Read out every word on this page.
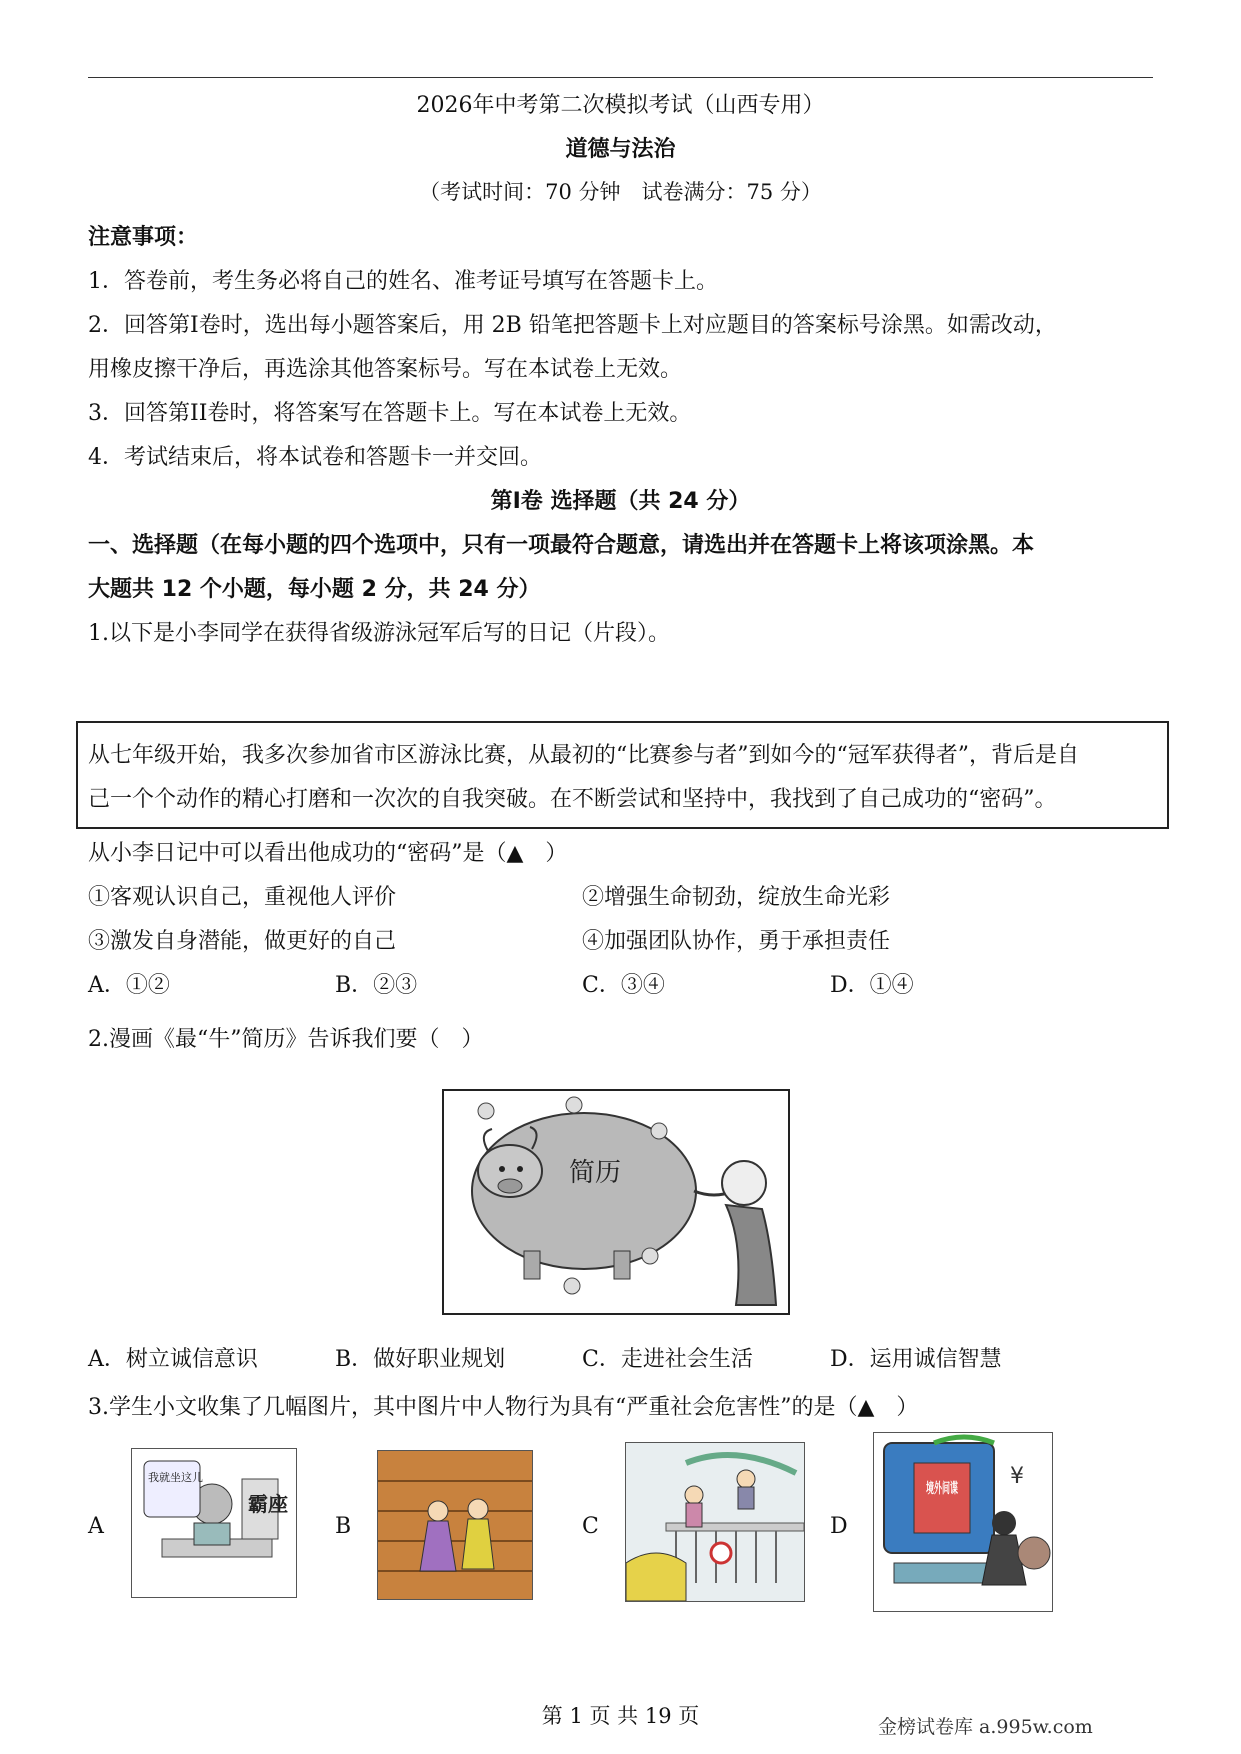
2026年中考第二次模拟考试（山西专用）
道德与法治
（考试时间：70 分钟　试卷满分：75 分）
注意事项：
1．答卷前，考生务必将自己的姓名、准考证号填写在答题卡上。
2．回答第I卷时，选出每小题答案后，用 2B 铅笔把答题卡上对应题目的答案标号涂黑。如需改动，
用橡皮擦干净后，再选涂其他答案标号。写在本试卷上无效。
3．回答第II卷时，将答案写在答题卡上。写在本试卷上无效。
4．考试结束后，将本试卷和答题卡一并交回。
第I卷 选择题（共 24 分）
一、选择题（在每小题的四个选项中，只有一项最符合题意，请选出并在答题卡上将该项涂黑。本
大题共 12 个小题，每小题 2 分，共 24 分）
1.以下是小李同学在获得省级游泳冠军后写的日记（片段）。
从七年级开始，我多次参加省市区游泳比赛，从最初的“比赛参与者”到如今的“冠军获得者”，背后是自
己一个个动作的精心打磨和一次次的自我突破。在不断尝试和坚持中，我找到了自己成功的“密码”。
从小李日记中可以看出他成功的“密码”是（▲　）
①客观认识自己，重视他人评价	②增强生命韧劲，绽放生命光彩
③激发自身潜能，做更好的自己	④加强团队协作，勇于承担责任
A．①②	B．②③	C．③④	D．①④
2.漫画《最“牛”简历》告诉我们要（　）
简历
A．树立诚信意识	B．做好职业规划	C．走进社会生活	D．运用诚信智慧
3.学生小文收集了几幅图片，其中图片中人物行为具有“严重社会危害性”的是（▲　）
A
我就坐这儿
霸座
B	C	D
境外间谍 ¥
第 1 页 共 19 页	金榜试卷库 a.995w.com
